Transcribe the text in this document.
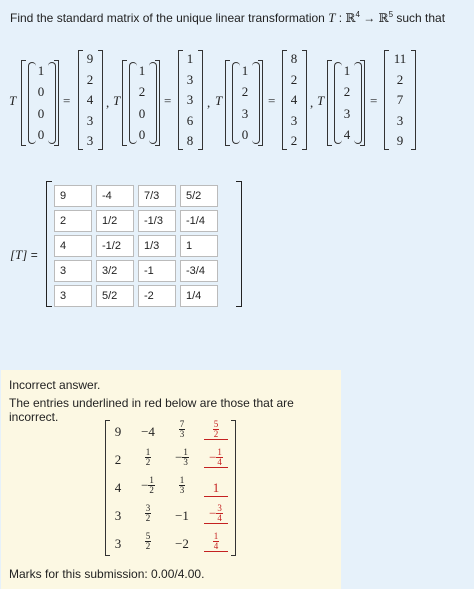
Find the standard matrix of the unique linear transformation T : ℝ$^4$ → ℝ$^5$ such that
T
1
0
0
0
=
9
2
4
3
3
, T
1
2
0
0
=
1
3
3
6
8
, T
1
2
3
0
=
8
2
4
3
2
, T
1
2
3
4
=
11
2
7
3
9
[T] =
9	-4	7/3	5/2
2	1/2	-1/3	-1/4
4	-1/2	1/3	1
3	3/2	-1	-3/4
3	5/2	-2	1/4
Incorrect answer.
The entries underlined in red below are those that are incorrect.
Marks for this submission: 0.00/4.00.
9	−4	$\frac{7}{3}$	$\frac{5}{2}$
2	$\frac{1}{2}$	− $\frac{1}{3}$	− $\frac{1}{4}$
4	− $\frac{1}{2}$	$\frac{1}{3}$	1
3	$\frac{3}{2}$	−1	− $\frac{3}{4}$
3	$\frac{5}{2}$	−2	$\frac{1}{4}$
